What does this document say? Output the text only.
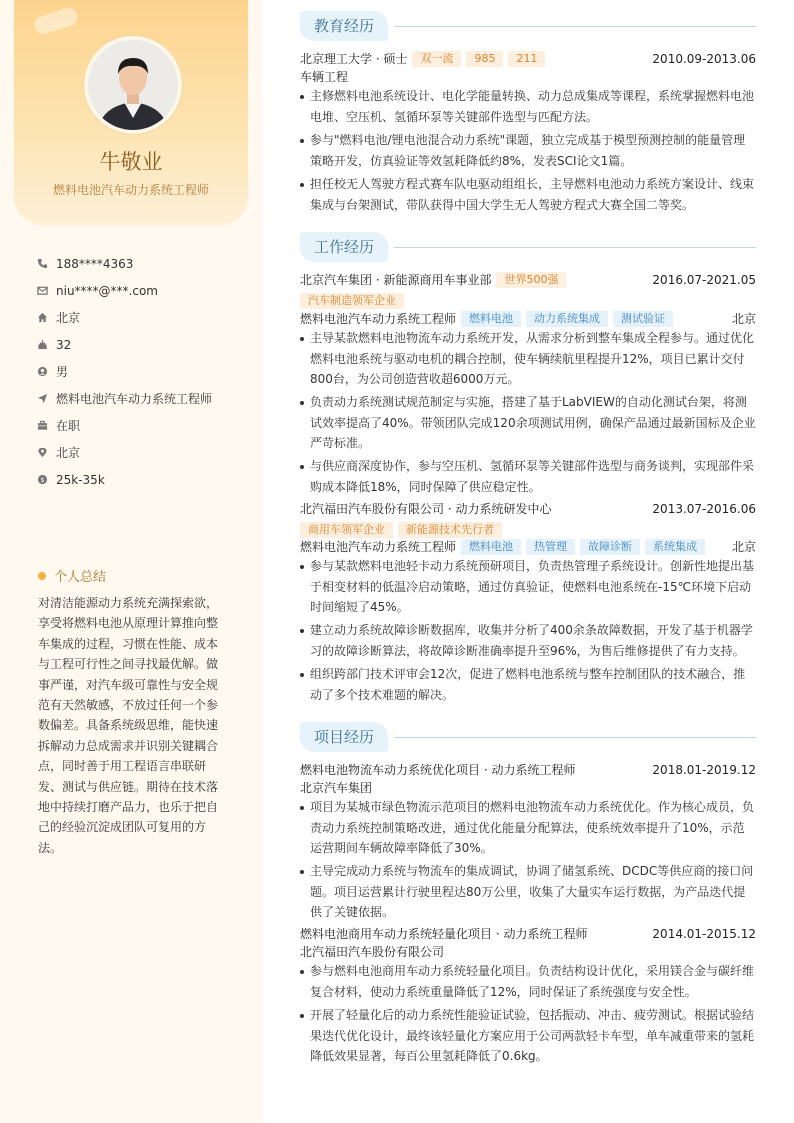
牛敬业
燃料电池汽车动力系统工程师
188****4363
niu****@***.com
北京
32
男
燃料电池汽车动力系统工程师
在职
北京
$ 25k-35k
个人总结
对清洁能源动力系统充满探索欲，享受将燃料电池从原理计算推向整车集成的过程，习惯在性能、成本与工程可行性之间寻找最优解。做事严谨，对汽车级可靠性与安全规范有天然敏感，不放过任何一个参数偏差。具备系统级思维，能快速拆解动力总成需求并识别关键耦合点，同时善于用工程语言串联研发、测试与供应链。期待在技术落地中持续打磨产品力，也乐于把自己的经验沉淀成团队可复用的方法。
教育经历
北京理工大学 · 硕士 双一流 985 211	2010.09-2013.06
车辆工程
主修燃料电池系统设计、电化学能量转换、动力总成集成等课程，系统掌握燃料电池电堆、空压机、氢循环泵等关键部件选型与匹配方法。
参与"燃料电池/锂电池混合动力系统"课题，独立完成基于模型预测控制的能量管理策略开发，仿真验证等效氢耗降低约8%，发表SCI论文1篇。
担任校无人驾驶方程式赛车队电驱动组组长，主导燃料电池动力系统方案设计、线束集成与台架测试，带队获得中国大学生无人驾驶方程式大赛全国二等奖。
工作经历
北京汽车集团 · 新能源商用车事业部 世界500强	2016.07-2021.05
汽车制造领军企业
燃料电池汽车动力系统工程师 燃料电池 动力系统集成 测试验证	北京
主导某款燃料电池物流车动力系统开发，从需求分析到整车集成全程参与。通过优化燃料电池系统与驱动电机的耦合控制，使车辆续航里程提升12%，项目已累计交付800台，为公司创造营收超6000万元。
负责动力系统测试规范制定与实施，搭建了基于LabVIEW的自动化测试台架，将测试效率提高了40%。带领团队完成120余项测试用例，确保产品通过最新国标及企业严苛标准。
与供应商深度协作，参与空压机、氢循环泵等关键部件选型与商务谈判，实现部件采购成本降低18%，同时保障了供应稳定性。
北汽福田汽车股份有限公司 · 动力系统研发中心	2013.07-2016.06
商用车领军企业 新能源技术先行者
燃料电池汽车动力系统工程师 燃料电池 热管理 故障诊断 系统集成	北京
参与某款燃料电池轻卡动力系统预研项目，负责热管理子系统设计。创新性地提出基于相变材料的低温冷启动策略，通过仿真验证，使燃料电池系统在-15℃环境下启动时间缩短了45%。
建立动力系统故障诊断数据库，收集并分析了400余条故障数据，开发了基于机器学习的故障诊断算法，将故障诊断准确率提升至96%，为售后维修提供了有力支持。
组织跨部门技术评审会12次，促进了燃料电池系统与整车控制团队的技术融合，推动了多个技术难题的解决。
项目经历
燃料电池物流车动力系统优化项目 · 动力系统工程师	2018.01-2019.12
北京汽车集团
项目为某城市绿色物流示范项目的燃料电池物流车动力系统优化。作为核心成员，负责动力系统控制策略改进，通过优化能量分配算法，使系统效率提升了10%，示范运营期间车辆故障率降低了30%。
主导完成动力系统与物流车的集成调试，协调了储氢系统、DCDC等供应商的接口问题。项目运营累计行驶里程达80万公里，收集了大量实车运行数据，为产品迭代提供了关键依据。
燃料电池商用车动力系统轻量化项目 · 动力系统工程师	2014.01-2015.12
北汽福田汽车股份有限公司
参与燃料电池商用车动力系统轻量化项目。负责结构设计优化，采用镁合金与碳纤维复合材料，使动力系统重量降低了12%，同时保证了系统强度与安全性。
开展了轻量化后的动力系统性能验证试验，包括振动、冲击、疲劳测试。根据试验结果迭代优化设计，最终该轻量化方案应用于公司两款轻卡车型，单车减重带来的氢耗降低效果显著，每百公里氢耗降低了0.6kg。
